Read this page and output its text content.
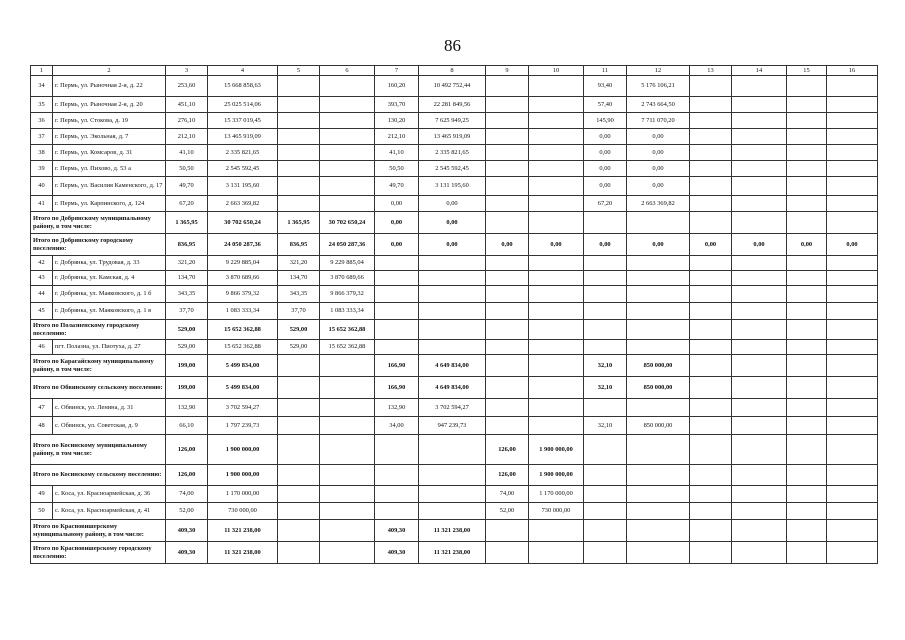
86
1	2	3	4	5	6	7	8	9	10	11	12	13	14	15	16
34	г. Пермь, ул. Рыночная 2-я, д. 22	253,60	15 668 858,63			160,20	10 492 752,44			93,40	5 176 106,21				
35	г. Пермь, ул. Рыночная 2-я, д. 20	451,10	25 025 514,06			393,70	22 281 849,56			57,40	2 743 664,50				
36	г. Пермь, ул. Стокова, д. 19	276,10	15 337 019,45			130,20	7 625 949,25			145,90	7 711 070,20				
37	г. Пермь, ул. Экольная, д. 7	212,10	13 465 919,09			212,10	13 465 919,09			0,00	0,00				
38	г. Пермь, ул. Комсаров, д. 31	41,10	2 335 821,65			41,10	2 335 821,65			0,00	0,00				
39	г. Пермь, ул. Пихово, д. 53 а	50,50	2 545 592,45			50,50	2 545 592,45			0,00	0,00				
40	г. Пермь, ул. Василия Каменского, д. 17	49,70	3 131 195,60			49,70	3 131 195,60			0,00	0,00				
41	г. Пермь, ул. Карпинского, д. 124	67,20	2 663 369,82			0,00	0,00			67,20	2 663 369,82				
Итого по Добрянскому муниципальному району, в том числе:		1 365,95	30 702 650,24	1 365,95	30 702 650,24	0,00	0,00								
Итого по Добрянскому городскому поселению:		836,95	24 050 287,36	836,95	24 050 287,36	0,00	0,00	0,00	0,00	0,00	0,00	0,00	0,00	0,00	0,00
42	г. Добрянка, ул. Трудовая, д. 33	321,20	9 229 885,04	321,20	9 229 885,04										
43	г. Добрянка, ул. Камская, д. 4	134,70	3 870 689,66	134,70	3 870 689,66										
44	г. Добрянка, ул. Маяковского, д. 1 б	343,35	9 866 379,32	343,35	9 866 379,32										
45	г. Добрянка, ул. Маяковского, д. 1 в	37,70	1 083 333,34	37,70	1 083 333,34										
Итого по Полазненскому городскому поселению:		529,00	15 652 362,88	529,00	15 652 362,88										
46	пгт. Полазна, ул. Пиотуха, д. 27	529,00	15 652 362,88	529,00	15 652 362,88										
Итого по Карагайскому муниципальному району, в том числе:		199,00	5 499 834,00			166,90	4 649 834,00			32,10	850 000,00				
Итого по Обвинскому сельскому поселению:		199,00	5 499 834,00			166,90	4 649 834,00			32,10	850 000,00				
47	с. Обвинск, ул. Ленина, д. 31	132,90	3 702 594,27			132,90	3 702 594,27								
48	с. Обвинск, ул. Советская, д. 9	66,10	1 797 239,73			34,00	947 239,73			32,10	850 000,00				
Итого по Косинскому муниципальному району, в том числе:		126,00	1 900 000,00					126,00	1 900 000,00						
Итого по Косинскому сельскому поселению:		126,00	1 900 000,00					126,00	1 900 000,00						
49	с. Коса, ул. Красноармейская, д. 36	74,00	1 170 000,00					74,00	1 170 000,00						
50	с. Коса, ул. Красноармейская, д. 41	52,00	730 000,00					52,00	730 000,00						
Итого по Красновишерскому муниципальному району, в том числе:		409,30	11 321 238,00			409,30	11 321 238,00								
Итого по Красновишерскому городскому поселению:		409,30	11 321 238,00			409,30	11 321 238,00								
